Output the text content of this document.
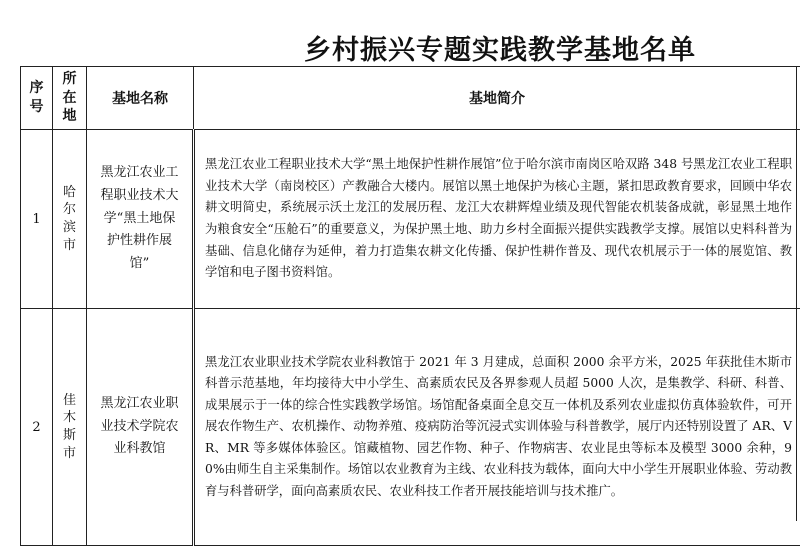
乡村振兴专题实践教学基地名单
序号	所在地	基地名称	基地简介
1	哈尔滨市	黑龙江农业工程职业技术大学“黑土地保护性耕作展馆”	黑龙江农业工程职业技术大学“黑土地保护性耕作展馆”位于哈尔滨市南岗区哈双路 348 号黑龙江农业工程职业技术大学（南岗校区）产教融合大楼内。展馆以黑土地保护为核心主题，紧扣思政教育要求，回顾中华农耕文明简史，系统展示沃土龙江的发展历程、龙江大农耕辉煌业绩及现代智能农机装备成就，彰显黑土地作为粮食安全“压舱石”的重要意义，为保护黑土地、助力乡村全面振兴提供实践教学支撑。展馆以史料科普为基础、信息化储存为延伸，着力打造集农耕文化传播、保护性耕作普及、现代农机展示于一体的展览馆、教学馆和电子图书资料馆。
2	佳木斯市	黑龙江农业职业技术学院农业科教馆	黑龙江农业职业技术学院农业科教馆于 2021 年 3 月建成，总面积 2000 余平方米，2025 年获批佳木斯市科普示范基地，年均接待大中小学生、高素质农民及各界参观人员超 5000 人次，是集教学、科研、科普、成果展示于一体的综合性实践教学场馆。场馆配备桌面全息交互一体机及系列农业虚拟仿真体验软件，可开展农作物生产、农机操作、动物养殖、疫病防治等沉浸式实训体验与科普教学，展厅内还特别设置了 AR、VR、MR 等多媒体体验区。馆藏植物、园艺作物、种子、作物病害、农业昆虫等标本及模型 3000 余种，90%由师生自主采集制作。场馆以农业教育为主线、农业科技为载体，面向大中小学生开展职业体验、劳动教育与科普研学，面向高素质农民、农业科技工作者开展技能培训与技术推广。
